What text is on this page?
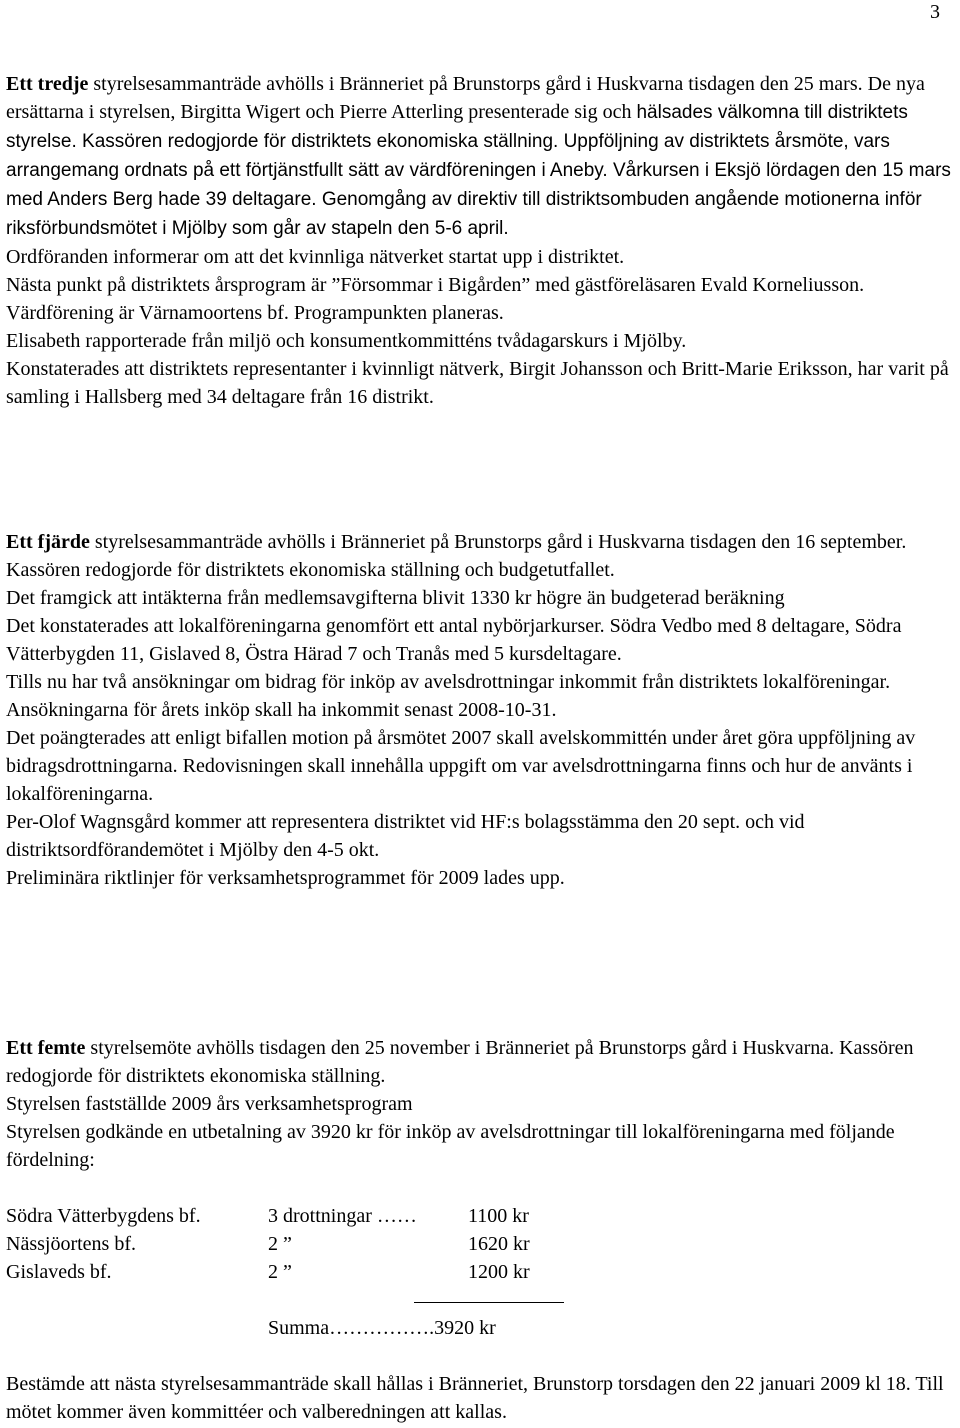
3

Ett tredje styrelsesammanträde avhölls i Bränneriet på Brunstorps gård i Huskvarna tisdagen den 25 mars. De nya ersättarna i styrelsen, Birgitta Wigert och Pierre Atterling presenterade sig och hälsades välkomna till distriktets styrelse. Kassören redogjorde för distriktets ekonomiska ställning. Uppföljning av distriktets årsmöte, vars arrangemang ordnats på ett förtjänstfullt sätt av värdföreningen i Aneby. Vårkursen i Eksjö lördagen den 15 mars med Anders Berg hade 39 deltagare. Genomgång av direktiv till distriktsombuden angående motionerna inför riksförbundsmötet i Mjölby som går av stapeln den 5-6 april.

Ordföranden informerar om att det kvinnliga nätverket startat upp i distriktet.

Nästa punkt på distriktets årsprogram är ”Försommar i Bigården” med gästföreläsaren Evald Korneliusson. Värdförening är Värnamoortens bf. Programpunkten planeras.

Elisabeth rapporterade från miljö och konsumentkommitténs tvådagarskurs i Mjölby.

Konstaterades att distriktets representanter i kvinnligt nätverk, Birgit Johansson och Britt-Marie Eriksson, har varit på samling i Hallsberg med 34 deltagare från 16 distrikt.

Ett fjärde styrelsesammanträde avhölls i Bränneriet på Brunstorps gård i Huskvarna tisdagen den 16 september. Kassören redogjorde för distriktets ekonomiska ställning och budgetutfallet.

Det framgick att intäkterna från medlemsavgifterna blivit 1330 kr högre än budgeterad beräkning

Det konstaterades att lokalföreningarna genomfört ett antal nybörjarkurser. Södra Vedbo med 8 deltagare, Södra Vätterbygden 11, Gislaved 8, Östra Härad 7 och Tranås med 5 kursdeltagare.

Tills nu har två ansökningar om bidrag för inköp av avelsdrottningar inkommit från distriktets lokalföreningar. Ansökningarna för årets inköp skall ha inkommit senast 2008-10-31.

Det poängterades att enligt bifallen motion på årsmötet 2007 skall avelskommittén under året göra uppföljning av bidragsdrottningarna. Redovisningen skall innehålla uppgift om var avelsdrottningarna finns och hur de använts i lokalföreningarna.

Per-Olof Wagnsgård kommer att representera distriktet vid HF:s bolagsstämma den 20 sept. och vid distriktsordförandemötet i Mjölby den 4-5 okt.

Preliminära riktlinjer för verksamhetsprogrammet för 2009 lades upp.

Ett femte styrelsemöte avhölls tisdagen den 25 november i Bränneriet på Brunstorps gård i Huskvarna. Kassören redogjorde för distriktets ekonomiska ställning.

Styrelsen fastställde 2009 års verksamhetsprogram

Styrelsen godkände en utbetalning av 3920 kr för inköp av avelsdrottningar till lokalföreningarna med följande fördelning:

Södra Vätterbygdens bf.	3 drottningar ……	1100 kr
Nässjöortens bf.	2 ”	1620 kr
Gislaveds bf.	2 ”	1200 kr
Summa…………….3920 kr

Bestämde att nästa styrelsesammanträde skall hållas i Bränneriet, Brunstorp torsdagen den 22 januari 2009 kl 18. Till mötet kommer även kommittéer och valberedningen att kallas.
